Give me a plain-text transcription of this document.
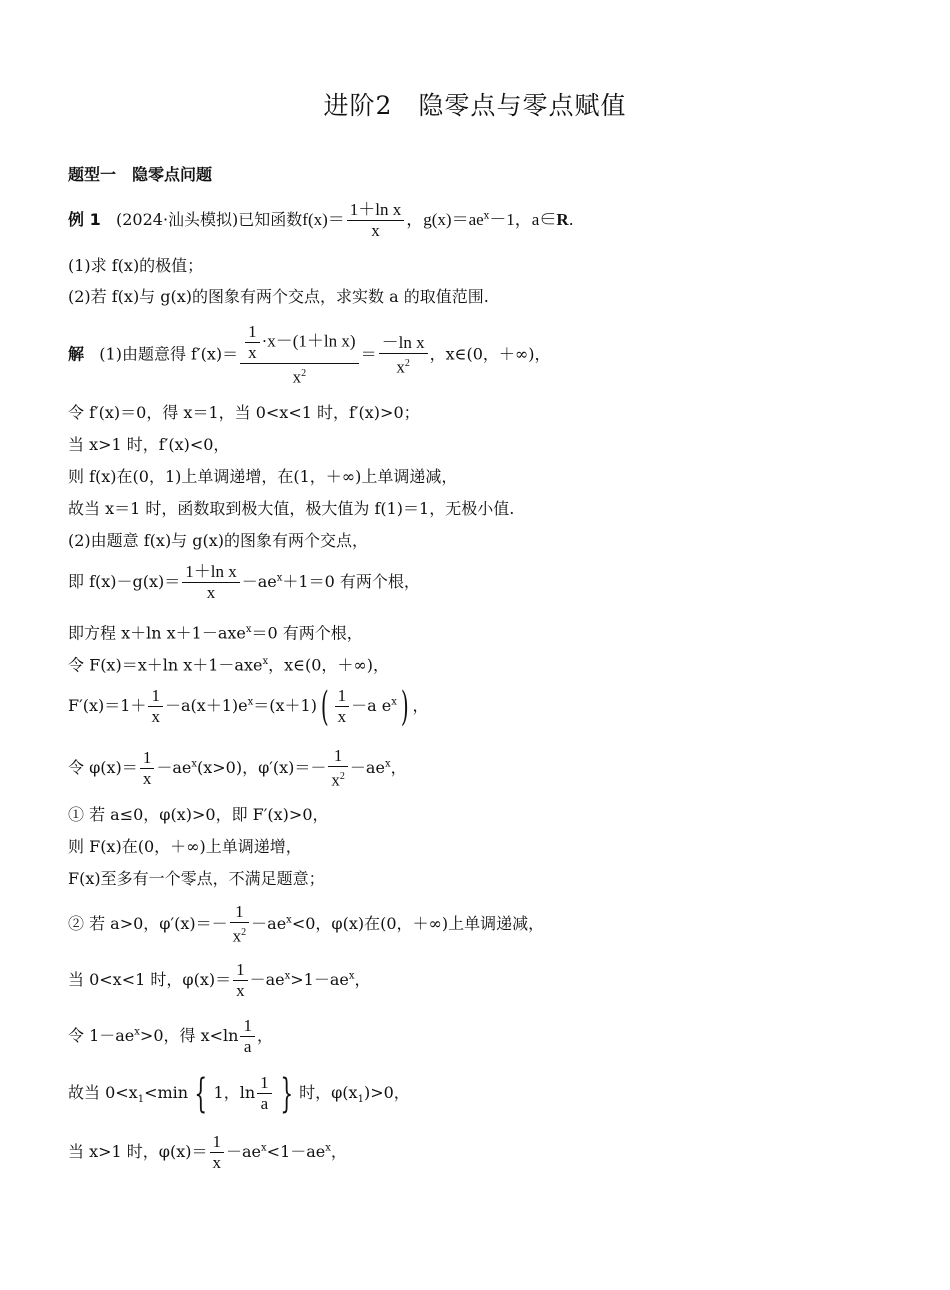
进阶2　隐零点与零点赋值
题型一　隐零点问题
例 1 (2024·汕头模拟)已知函数$f(x)= \frac{\text{1＋ln x}}{x}$ ，$g(x)=ae^x-1$，a∈R.
(1)求 f(x)的极值；
(2)若 f(x)与 g(x)的图象有两个交点，求实数 a 的取值范围.
解 (1)由题意得 $f'(x)= \frac{\frac{1}{x} \cdot x-(1+\ln x)}{x^2} = \frac{\text{－ln x}}{x^2}$ ，x∈(0，＋∞)，
令 f′(x)＝0，得 x＝1，当 0<x<1 时，f′(x)>0；
当 x>1 时，f′(x)<0，
则 f(x)在(0，1)上单调递增，在(1，＋∞)上单调递减，
故当 x＝1 时，函数取到极大值，极大值为 f(1)＝1，无极小值.
(2)由题意 f(x)与 g(x)的图象有两个交点，
即 $f(x)-g(x)= \frac{\text{1＋ln x}}{x} -ae^x+1=0$ 有两个根，
即方程 x＋ln x＋1－axe$^x$＝0 有两个根，
令 F(x)＝x＋ln x＋1－axe$^x$，x∈(0，＋∞)，
$F'(x)=1+ \frac{1}{x} -a(x+1)e^x=(x+1)( \frac{1}{x} -a$ $e^x$) ，
令 $\varphi(x)= \frac{1}{x} -ae^x(x>0)$，$\varphi'(x)=- \frac{1}{x^2} -ae^x$，
① 若 a≤0，φ(x)>0，即 F′(x)>0，
则 F(x)在(0，＋∞)上单调递增，
F(x)至多有一个零点，不满足题意；
② 若 a>0，$\varphi'(x)=- \frac{1}{x^2} -ae^x<0$，φ(x)在(0，＋∞)上单调递减，
当 0<x<1 时，$\varphi(x)= \frac{1}{x} -ae^x>1-ae^x$，
令 $1-ae^x>0$，得 $x<\ln \frac{1}{a}$ ，
故当 $0<x_1<\min$ { 1，$\ln \frac{1}{a}$ } 时，$\varphi(x_1)>0$，
当 x>1 时，$\varphi(x)= \frac{1}{x} -ae^x<1-ae^x$，
